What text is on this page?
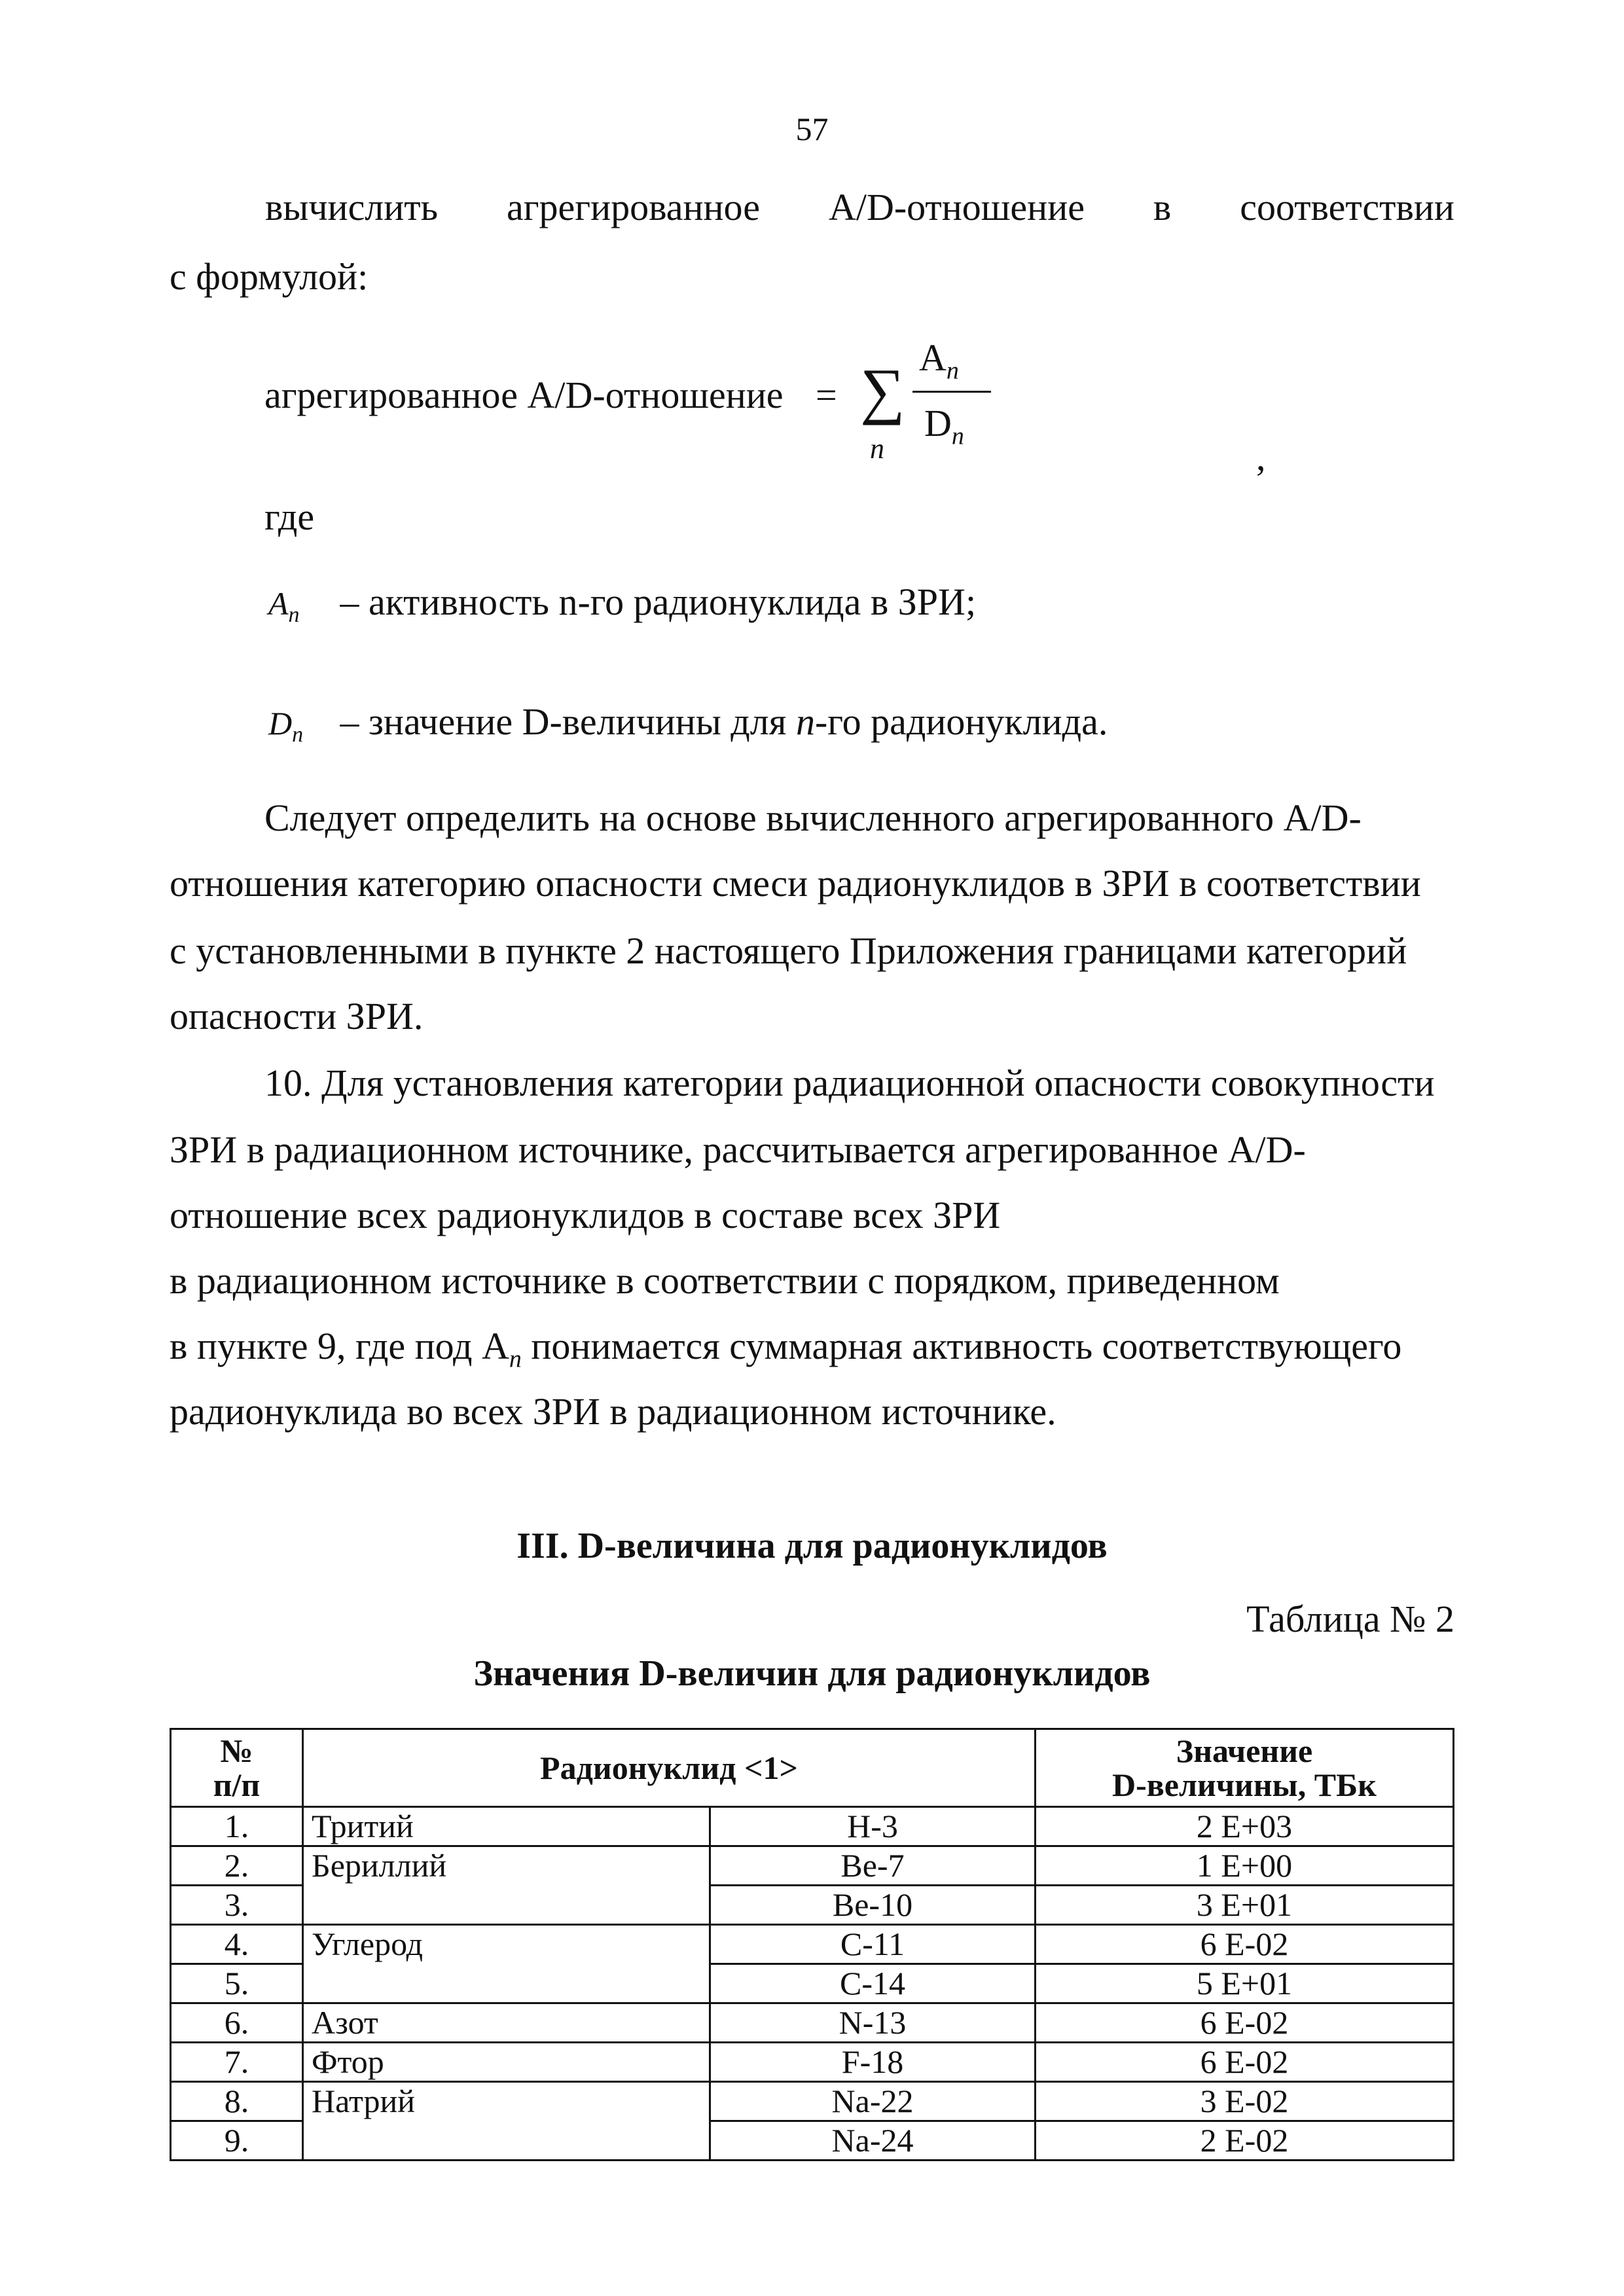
57
вычислить агрегированное A/D-отношение в соответствии
с формулой:
агрегированное A/D-отношение = ∑
n
$A_n$
$D_n$	,
где
$A_n$ – активность n-го радионуклида в ЗРИ;
$D_n$ – значение D-величины для n-го радионуклида.
Следует определить на основе вычисленного агрегированного A/D-
отношения категорию опасности смеси радионуклидов в ЗРИ в соответствии
с установленными в пункте 2 настоящего Приложения границами категорий
опасности ЗРИ.
10. Для установления категории радиационной опасности совокупности
ЗРИ в радиационном источнике, рассчитывается агрегированное A/D-
отношение всех радионуклидов в составе всех ЗРИ
в радиационном источнике в соответствии с порядком, приведенном
в пункте 9, где под $A_n$ понимается суммарная активность соответствующего
радионуклида во всех ЗРИ в радиационном источнике.
III. D-величина для радионуклидов
Таблица № 2
Значения D-величин для радионуклидов
№
п/п	Радионуклид <1>		Значение
D-величины, ТБк
1.	Тритий	H-3	2 E+03
2.	Бериллий	Be-7	1 E+00
3.		Be-10	3 E+01
4.	Углерод	C-11	6 E-02
5.		C-14	5 E+01
6.	Азот	N-13	6 E-02
7.	Фтор	F-18	6 E-02
8.	Натрий	Na-22	3 E-02
9.		Na-24	2 E-02
